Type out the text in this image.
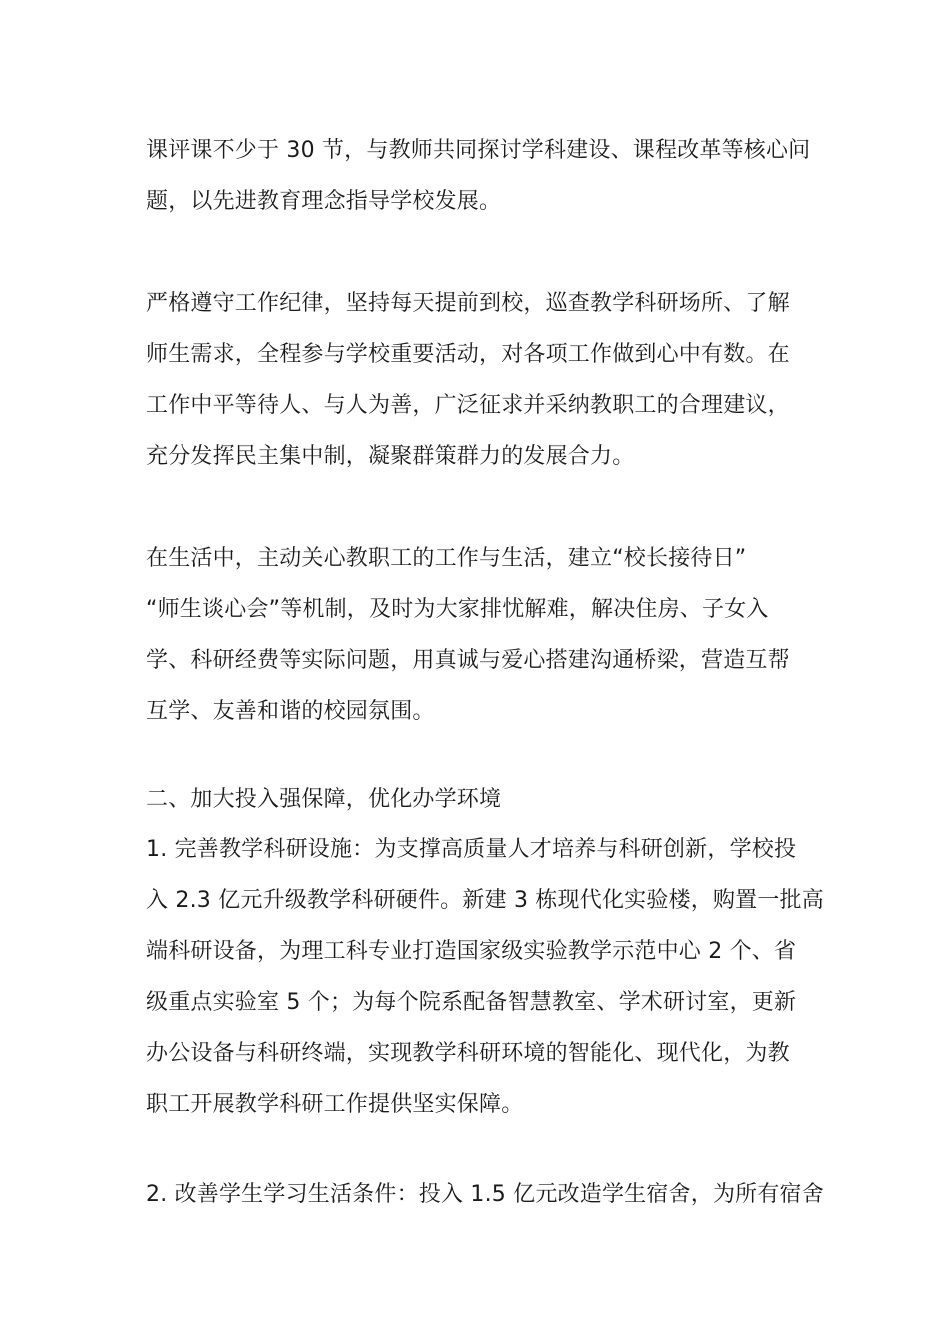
课评课不少于 30 节，与教师共同探讨学科建设、课程改革等核心问
题，以先进教育理念指导学校发展。
严格遵守工作纪律，坚持每天提前到校，巡查教学科研场所、了解
师生需求，全程参与学校重要活动，对各项工作做到心中有数。在
工作中平等待人、与人为善，广泛征求并采纳教职工的合理建议，
充分发挥民主集中制，凝聚群策群力的发展合力。
在生活中，主动关心教职工的工作与生活，建立“校长接待日”
“师生谈心会”等机制，及时为大家排忧解难，解决住房、子女入
学、科研经费等实际问题，用真诚与爱心搭建沟通桥梁，营造互帮
互学、友善和谐的校园氛围。
二、加大投入强保障，优化办学环境
1. 完善教学科研设施：为支撑高质量人才培养与科研创新，学校投
入 2.3 亿元升级教学科研硬件。新建 3 栋现代化实验楼，购置一批高
端科研设备，为理工科专业打造国家级实验教学示范中心 2 个、省
级重点实验室 5 个；为每个院系配备智慧教室、学术研讨室，更新
办公设备与科研终端，实现教学科研环境的智能化、现代化，为教
职工开展教学科研工作提供坚实保障。
2. 改善学生学习生活条件：投入 1.5 亿元改造学生宿舍，为所有宿舍
